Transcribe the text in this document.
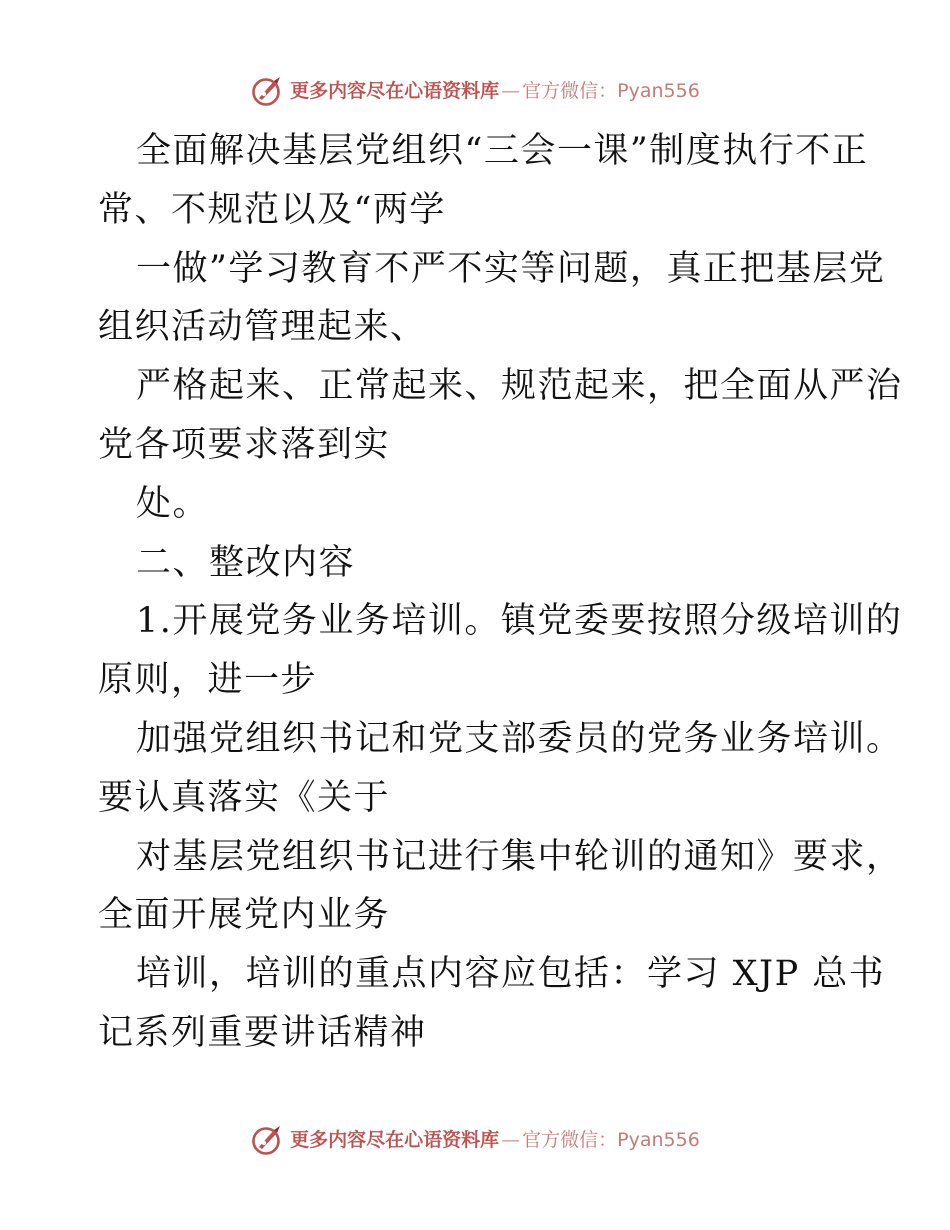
更多内容尽在心语资料库 — 官方微信：Pyan556
全面解决基层党组织“三会一课”制度执行不正
常、不规范以及“两学
一做”学习教育不严不实等问题，真正把基层党
组织活动管理起来、
严格起来、正常起来、规范起来，把全面从严治
党各项要求落到实
处。
二、整改内容
1.开展党务业务培训。镇党委要按照分级培训的
原则，进一步
加强党组织书记和党支部委员的党务业务培训。
要认真落实《关于
对基层党组织书记进行集中轮训的通知》要求，
全面开展党内业务
培训，培训的重点内容应包括：学习 XJP 总书
记系列重要讲话精神
更多内容尽在心语资料库 — 官方微信：Pyan556
